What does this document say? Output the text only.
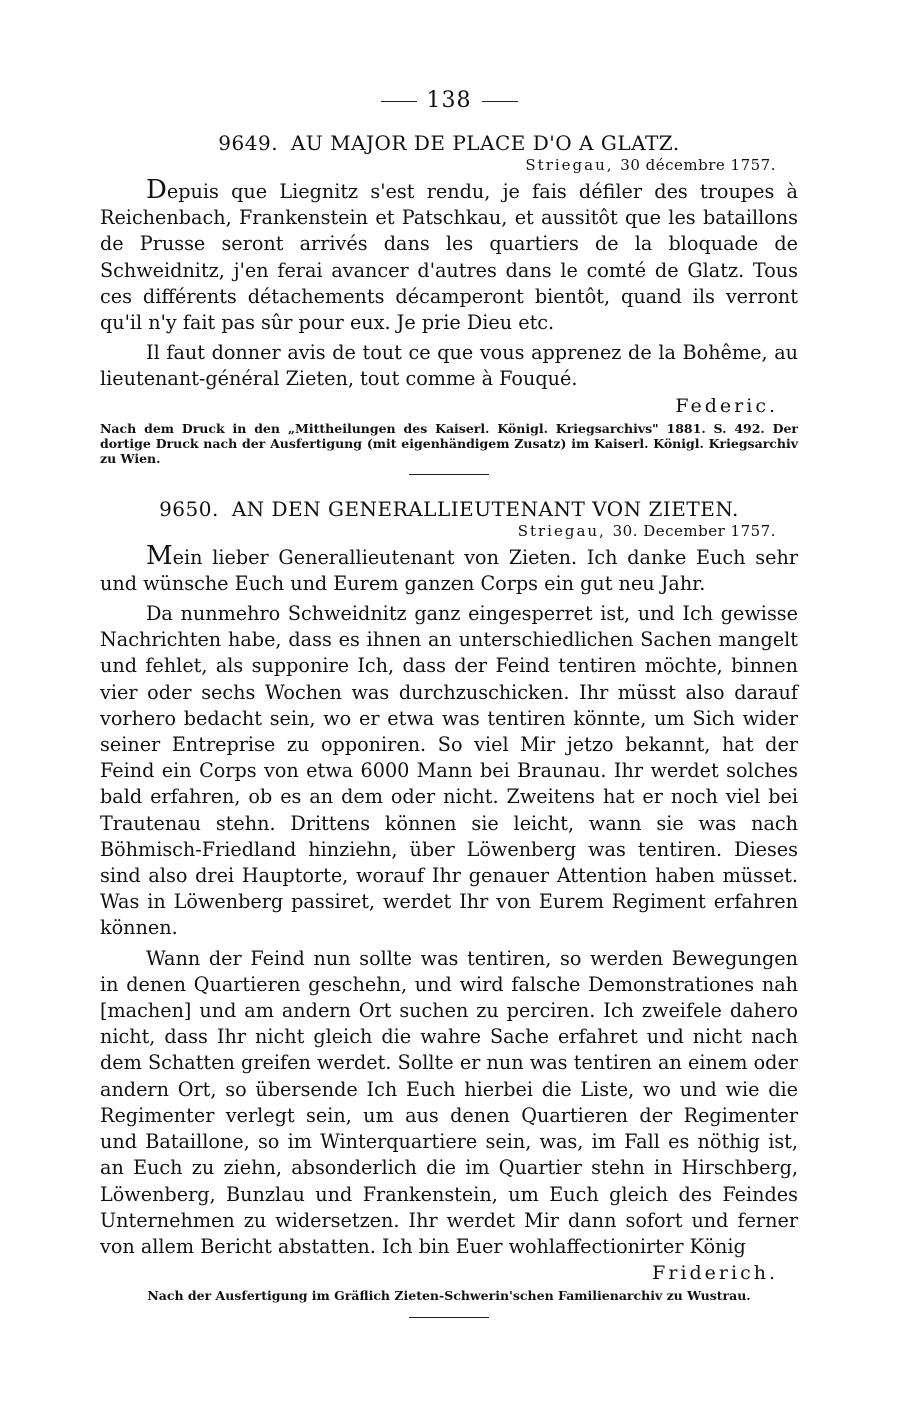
138
9649. AU MAJOR DE PLACE D'O A GLATZ.
Striegau, 30 décembre 1757.

Depuis que Liegnitz s'est rendu, je fais défiler des troupes à Reichenbach, Frankenstein et Patschkau, et aussitôt que les bataillons de Prusse seront arrivés dans les quartiers de la bloquade de Schweidnitz, j'en ferai avancer d'autres dans le comté de Glatz. Tous ces différents détachements décamperont bientôt, quand ils verront qu'il n'y fait pas sûr pour eux. Je prie Dieu etc.

Il faut donner avis de tout ce que vous apprenez de la Bohême, au lieutenant-général Zieten, tout comme à Fouqué.

Federic.

Nach dem Druck in den „Mittheilungen des Kaiserl. Königl. Kriegsarchivs" 1881. S. 492. Der dortige Druck nach der Ausfertigung (mit eigenhändigem Zusatz) im Kaiserl. Königl. Kriegsarchiv zu Wien.

9650. AN DEN GENERALLIEUTENANT VON ZIETEN.
Striegau, 30. December 1757.

Mein lieber Generallieutenant von Zieten. Ich danke Euch sehr und wünsche Euch und Eurem ganzen Corps ein gut neu Jahr.

Da nunmehro Schweidnitz ganz eingesperret ist, und Ich gewisse Nachrichten habe, dass es ihnen an unterschiedlichen Sachen mangelt und fehlet, als supponire Ich, dass der Feind tentiren möchte, binnen vier oder sechs Wochen was durchzuschicken. Ihr müsst also darauf vorhero bedacht sein, wo er etwa was tentiren könnte, um Sich wider seiner Entreprise zu opponiren. So viel Mir jetzo bekannt, hat der Feind ein Corps von etwa 6000 Mann bei Braunau. Ihr werdet solches bald erfahren, ob es an dem oder nicht. Zweitens hat er noch viel bei Trautenau stehn. Drittens können sie leicht, wann sie was nach Böhmisch-Friedland hinziehn, über Löwenberg was tentiren. Dieses sind also drei Hauptorte, worauf Ihr genauer Attention haben müsset. Was in Löwenberg passiret, werdet Ihr von Eurem Regiment erfahren können.

Wann der Feind nun sollte was tentiren, so werden Bewegungen in denen Quartieren geschehn, und wird falsche Demonstrationes nah [machen] und am andern Ort suchen zu perciren. Ich zweifele dahero nicht, dass Ihr nicht gleich die wahre Sache erfahret und nicht nach dem Schatten greifen werdet. Sollte er nun was tentiren an einem oder andern Ort, so übersende Ich Euch hierbei die Liste, wo und wie die Regimenter verlegt sein, um aus denen Quartieren der Regimenter und Bataillone, so im Winterquartiere sein, was, im Fall es nöthig ist, an Euch zu ziehn, absonderlich die im Quartier stehn in Hirschberg, Löwenberg, Bunzlau und Frankenstein, um Euch gleich des Feindes Unternehmen zu widersetzen. Ihr werdet Mir dann sofort und ferner von allem Bericht abstatten. Ich bin Euer wohlaffectionirter König

Friderich.

Nach der Ausfertigung im Gräflich Zieten-Schwerin'schen Familienarchiv zu Wustrau.
